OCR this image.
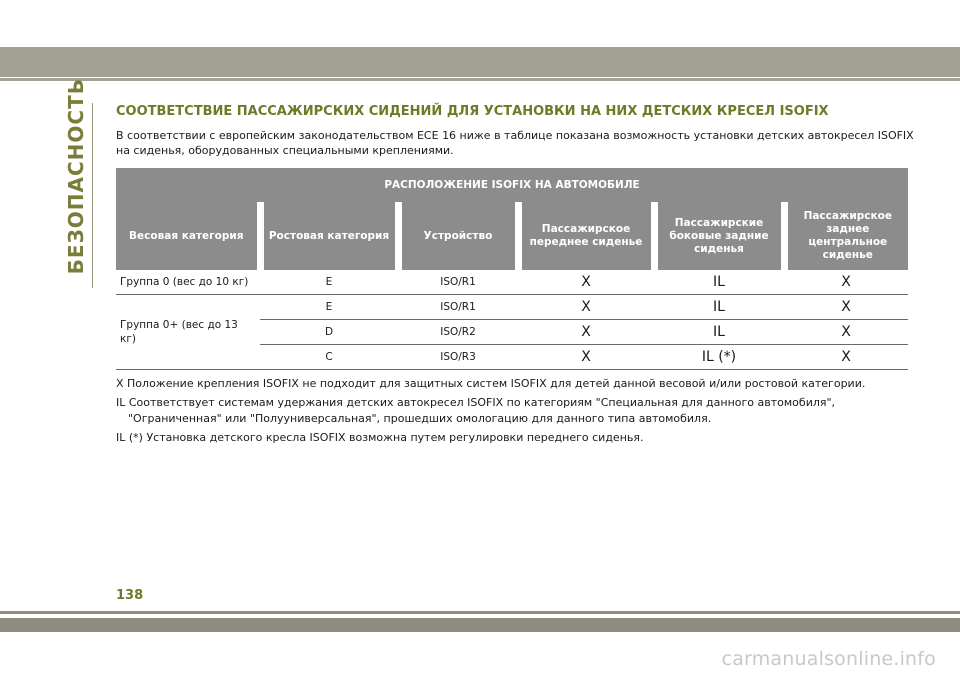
БЕЗОПАСНОСТЬ СООТВЕТСТВИЕ ПАССАЖИРСКИХ СИДЕНИЙ ДЛЯ УСТАНОВКИ НА НИХ ДЕТСКИХ КРЕСЕЛ ISOFIX
В соответствии с европейским законодательством ЕСЕ 16 ниже в таблице показана возможность установки детских автокресел ISOFIX на сиденья, оборудованных специальными креплениями.
РАСПОЛОЖЕНИЕ ISOFIX НА АВТОМОБИЛЕ					
Весовая категория	Ростовая категория	Устройство	Пассажирское переднее сиденье	Пассажирские боковые задние сиденья	Пассажирское заднее центральное сиденье
Группа 0 (вес до 10 кг)	E	ISO/R1	X	IL	X
Группа 0+ (вес до 13 кг)	E	ISO/R1	X	IL	X
	D	ISO/R2	X	IL	X
	C	ISO/R3	X	IL (*)	X

X Положение крепления ISOFIX не подходит для защитных систем ISOFIX для детей данной весовой и/или ростовой категории.

IL Соответствует системам удержания детских автокресел ISOFIX по категориям "Специальная для данного автомобиля", "Ограниченная" или "Полууниверсальная", прошедших омологацию для данного типа автомобиля.

IL (*) Установка детского кресла ISOFIX возможна путем регулировки переднего сиденья.

138
carmanualsonline.info
